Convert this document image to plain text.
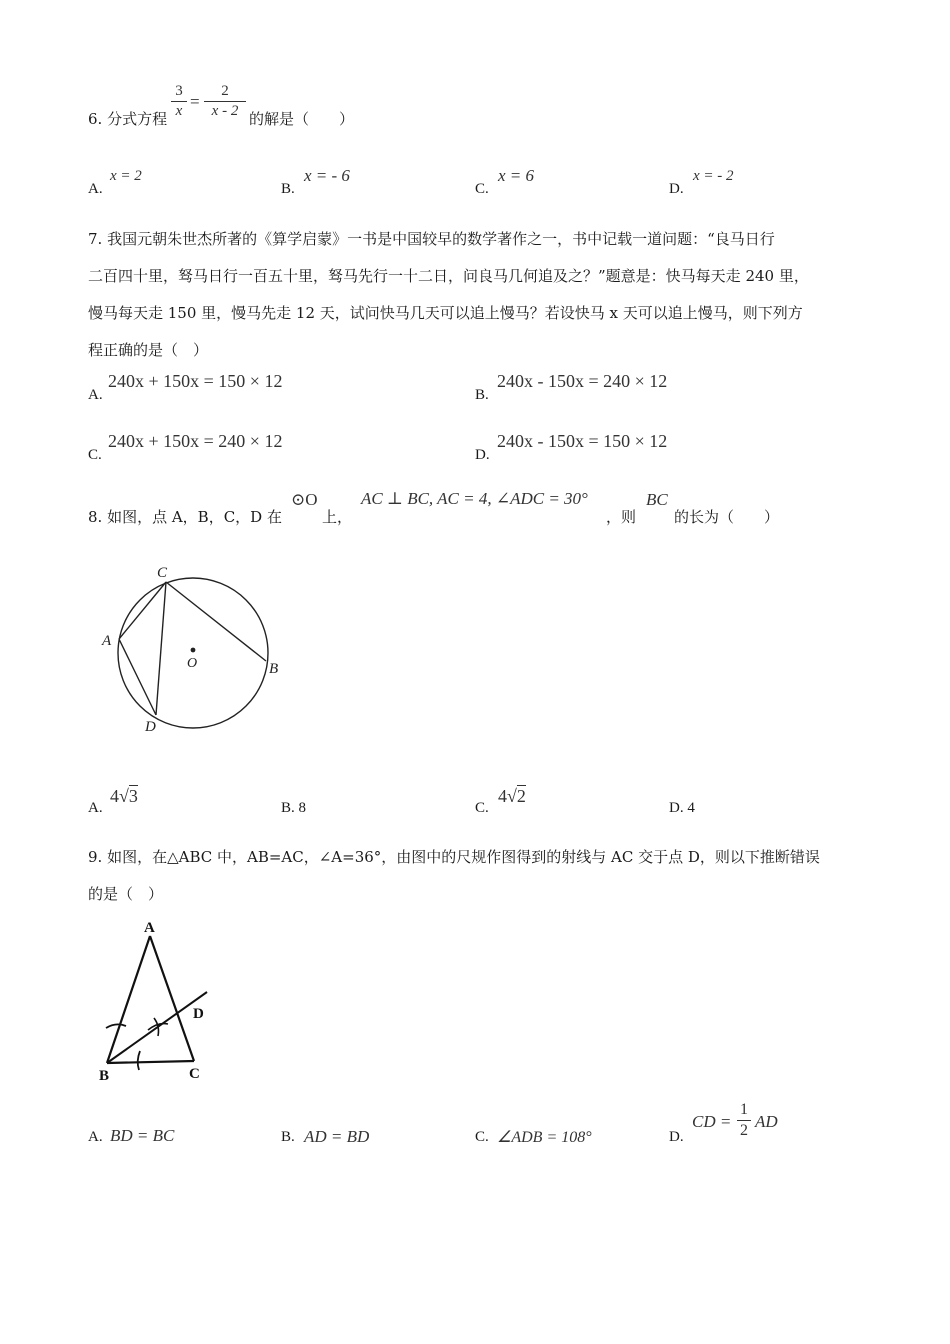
6. 分式方程
3
x =
2
x - 2 的解是（　　）
A.
x = 2
B.
x = - 6
C.
x = 6
D.
x = - 2
7. 我国元朝朱世杰所著的《算学启蒙》一书是中国较早的数学著作之一，书中记载一道问题：“良马日行
二百四十里，驽马日行一百五十里，驽马先行一十二日，问良马几何追及之？”题意是：快马每天走 240 里，
慢马每天走 150 里，慢马先走 12 天，试问快马几天可以追上慢马？若设快马 x 天可以追上慢马，则下列方
程正确的是（　）
A.
240x + 150x = 150 × 12
B.
240x - 150x = 240 × 12
C.
240x + 150x = 240 × 12
D.
240x - 150x = 150 × 12
8. 如图，点 A，B，C，D 在
⊙O
上，
AC ⊥ BC, AC = 4, ∠ADC = 30°
，则
BC
的长为（　　）
C
A
O	B
D
A.
4√3
B. 8	C.
4√2
D. 4
9. 如图，在△ABC 中，AB=AC，∠A=36°，由图中的尺规作图得到的射线与 AC 交于点 D，则以下推断错误
的是（　）
A
D
B	C
A. BD = BC	B. AD = BD	C. ∠ADB = 108°	D.
CD =
1
2 AD
